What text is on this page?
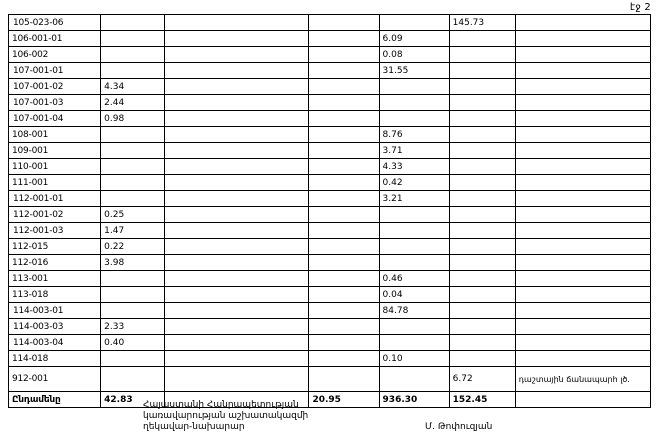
էջ 2
105-023-06					145.73	
106-001-01				6.09		
106-002				0.08		
107-001-01				31.55		
107-001-02	4.34					
107-001-03	2.44					
107-001-04	0.98					
108-001				8.76		
109-001				3.71		
110-001				4.33		
111-001				0.42		
112-001-01				3.21		
112-001-02	0.25					
112-001-03	1.47					
112-015	0.22					
112-016	3.98					
113-001				0.46		
113-018				0.04		
114-003-01				84.78		
114-003-03	2.33					
114-003-04	0.40					
114-018				0.10		
912-001					6.72	դաշտային ճանապարհ լծ.
Ընդամենը	42.83		20.95	936.30	152.45	
Հայաստանի Հանրապետության
կառավարության աշխատակազմի
ղեկավար-նախարար	Մ. Թոփուզյան
